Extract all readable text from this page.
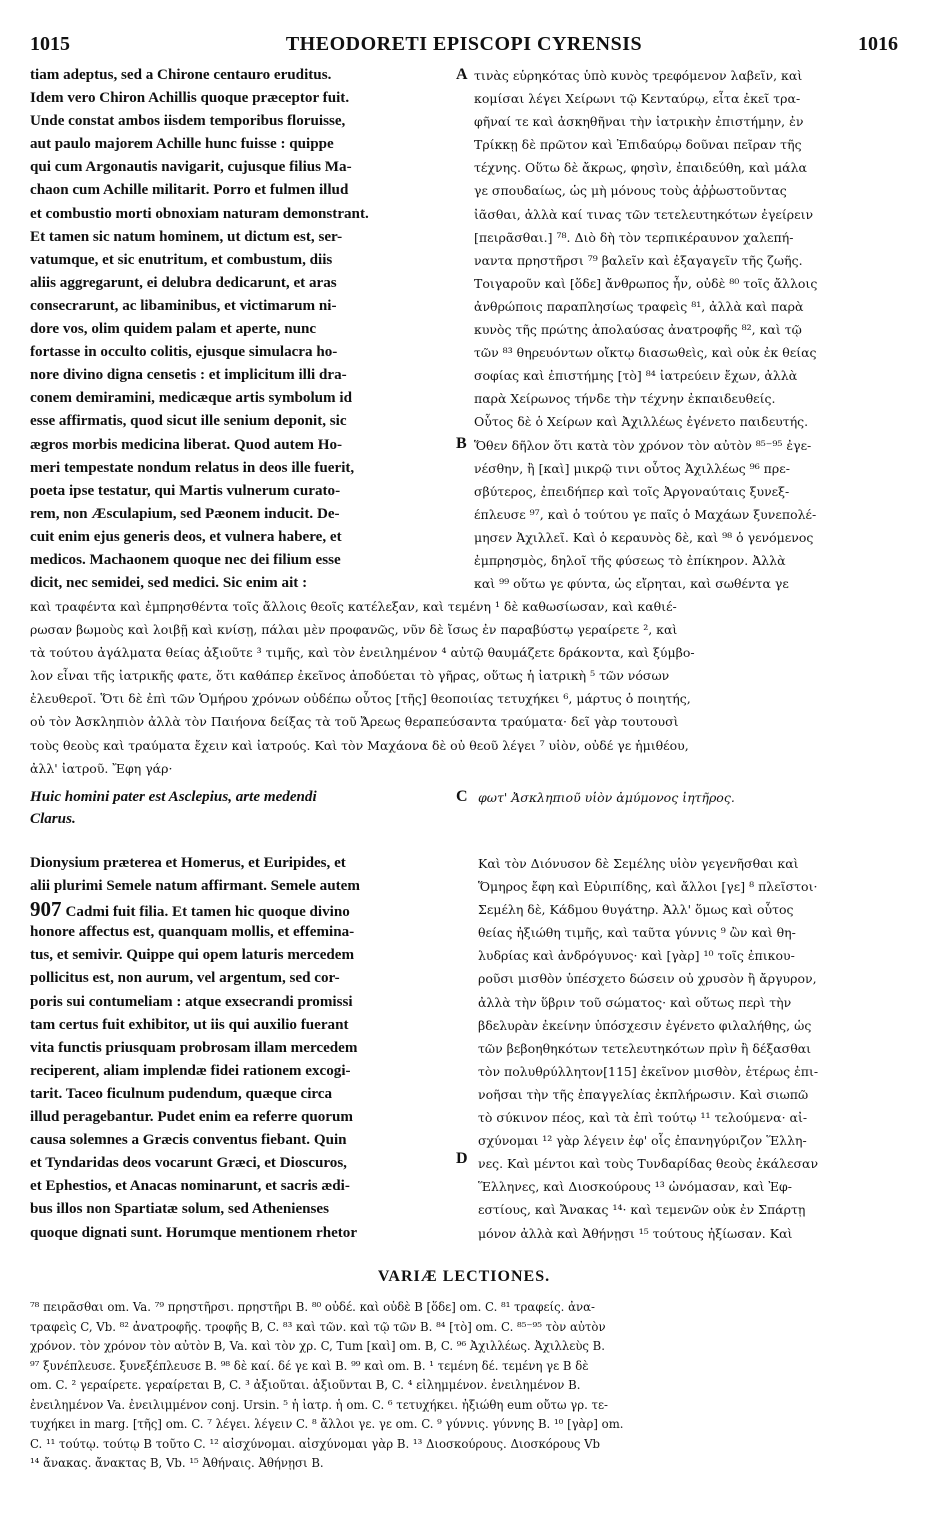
1015	THEODORETI EPISCOPI CYRENSIS	1016
tiam adeptus, sed a Chirone centauro eruditus.
Idem vero Chiron Achillis quoque præceptor fuit.
Unde constat ambos iisdem temporibus floruisse,
aut paulo majorem Achille hunc fuisse : quippe
qui cum Argonautis navigarit, cujusque filius Ma-
chaon cum Achille militarit. Porro et fulmen illud
et combustio morti obnoxiam naturam demonstrant.
Et tamen sic natum hominem, ut dictum est, ser-
vatumque, et sic enutritum, et combustum, diis
aliis aggregarunt, ei delubra dedicarunt, et aras
consecrarunt, ac libaminibus, et victimarum ni-
dore vos, olim quidem palam et aperte, nunc
fortasse in occulto colitis, ejusque simulacra ho-
nore divino digna censetis : et implicitum illi dra-
conem demiramini, medicæque artis symbolum id
esse affirmatis, quod sicut ille senium deponit, sic
ægros morbis medicina liberat. Quod autem Ho-
meri tempestate nondum relatus in deos ille fuerit,
poeta ipse testatur, qui Martis vulnerum curato-
rem, non Æsculapium, sed Pæonem inducit. De-
cuit enim ejus generis deos, et vulnera habere, et
medicos. Machaonem quoque nec dei filium esse
dicit, nec semidei, sed medici. Sic enim ait :
A
B
τινὰς εὑρηκότας ὑπὸ κυνὸς τρεφόμενον λαβεῖν, καὶ
κομίσαι λέγει Χείρωνι τῷ Κενταύρῳ, εἶτα ἐκεῖ τρα-
φῆναί τε καὶ ἀσκηθῆναι τὴν ἰατρικὴν ἐπιστήμην, ἐν
Τρίκκῃ δὲ πρῶτον καὶ Ἐπιδαύρῳ δοῦναι πεῖραν τῆς
τέχνης. Οὕτω δὲ ἄκρως, φησὶν, ἐπαιδεύθη, καὶ μάλα
γε σπουδαίως, ὡς μὴ μόνους τοὺς ἀῤῥωστοῦντας
ἰᾶσθαι, ἀλλὰ καί τινας τῶν τετελευτηκότων ἐγείρειν
[πειρᾶσθαι.] ⁷⁸. Διὸ δὴ τὸν τερπικέραυνον χαλεπή-
ναντα πρηστῆρσι ⁷⁹ βαλεῖν καὶ ἐξαγαγεῖν τῆς ζωῆς.
Τοιγαροῦν καὶ [ὅδε] ἄνθρωπος ἦν, οὐδὲ ⁸⁰ τοῖς ἄλλοις
ἀνθρώποις παραπλησίως τραφεὶς ⁸¹, ἀλλὰ καὶ παρὰ
κυνὸς τῆς πρώτης ἀπολαύσας ἀνατροφῆς ⁸², καὶ τῷ
τῶν ⁸³ θηρευόντων οἴκτῳ διασωθεὶς, καὶ οὐκ ἐκ θείας
σοφίας καὶ ἐπιστήμης [τὸ] ⁸⁴ ἰατρεύειν ἔχων, ἀλλὰ
παρὰ Χείρωνος τήνδε τὴν τέχνην ἐκπαιδευθείς.
Οὗτος δὲ ὁ Χείρων καὶ Ἀχιλλέως ἐγένετο παιδευτής.
Ὅθεν δῆλον ὅτι κατὰ τὸν χρόνον τὸν αὐτὸν ⁸⁵⁻⁹⁵ ἐγε-
νέσθην, ἢ [καὶ] μικρῷ τινι οὗτος Ἀχιλλέως ⁹⁶ πρε-
σβύτερος, ἐπειδήπερ καὶ τοῖς Ἀργοναύταις ξυνεξ-
έπλευσε ⁹⁷, καὶ ὁ τούτου γε παῖς ὁ Μαχάων ξυνεπολέ-
μησεν Ἀχιλλεῖ. Καὶ ὁ κεραυνὸς δὲ, καὶ ⁹⁸ ὁ γενόμενος
ἐμπρησμὸς, δηλοῖ τῆς φύσεως τὸ ἐπίκηρον. Ἀλλὰ
καὶ ⁹⁹ οὕτω γε φύντα, ὡς εἴρηται, καὶ σωθέντα γε
καὶ τραφέντα καὶ ἐμπρησθέντα τοῖς ἄλλοις θεοῖς κατέλεξαν, καὶ τεμένη ¹ δὲ καθωσίωσαν, καὶ καθιέ-
ρωσαν βωμοὺς καὶ λοιβῇ καὶ κνίσῃ, πάλαι μὲν προφανῶς, νῦν δὲ ἴσως ἐν παραβύστῳ γεραίρετε ², καὶ
τὰ τούτου ἀγάλματα θείας ἀξιοῦτε ³ τιμῆς, καὶ τὸν ἐνειλημένον ⁴ αὐτῷ θαυμάζετε δράκοντα, καὶ ξύμβο-
λον εἶναι τῆς ἰατρικῆς φατε, ὅτι καθάπερ ἐκεῖνος ἀποδύεται τὸ γῆρας, οὕτως ἡ ἰατρικὴ ⁵ τῶν νόσων
ἐλευθεροῖ. Ὅτι δὲ ἐπὶ τῶν Ὁμήρου χρόνων οὐδέπω οὗτος [τῆς] θεοποιίας τετυχήκει ⁶, μάρτυς ὁ ποιητής,
οὐ τὸν Ἀσκληπιὸν ἀλλὰ τὸν Παιήονα δείξας τὰ τοῦ Ἄρεως θεραπεύσαντα τραύματα· δεῖ γὰρ τουτουσὶ
τοὺς θεοὺς καὶ τραύματα ἔχειν καὶ ἰατρούς. Καὶ τὸν Μαχάονα δὲ οὐ θεοῦ λέγει ⁷ υἱὸν, οὐδέ γε ἡμιθέου,
ἀλλ' ἰατροῦ. Ἔφη γάρ·
Huic homini pater est Asclepius, arte medendi
Clarus.
C φωτ' Ἀσκληπιοῦ υἱὸν ἀμύμονος ἰητῆρος.
Dionysium præterea et Homerus, et Euripides, et
alii plurimi Semele natum affirmant. Semele autem
907 Cadmi fuit filia. Et tamen hic quoque divino
honore affectus est, quanquam mollis, et effemina-
tus, et semivir. Quippe qui opem laturis mercedem
pollicitus est, non aurum, vel argentum, sed cor-
poris sui contumeliam : atque exsecrandi promissi
tam certus fuit exhibitor, ut iis qui auxilio fuerant
vita functis priusquam probrosam illam mercedem
reciperent, aliam implendæ fidei rationem excogi-
tarit. Taceo ficulnum pudendum, quæque circa
illud peragebantur. Pudet enim ea referre quorum
causa solemnes a Græcis conventus fiebant. Quin
et Tyndaridas deos vocarunt Græci, et Dioscuros,
et Ephestios, et Anacas nominarunt, et sacris ædi-
bus illos non Spartiatæ solum, sed Athenienses
quoque dignati sunt. Horumque mentionem rhetor
D
Καὶ τὸν Διόνυσον δὲ Σεμέλης υἱὸν γεγενῆσθαι καὶ
Ὅμηρος ἔφη καὶ Εὐριπίδης, καὶ ἄλλοι [γε] ⁸ πλεῖστοι·
Σεμέλη δὲ, Κάδμου θυγάτηρ. Ἀλλ' ὅμως καὶ οὗτος
θείας ἠξιώθη τιμῆς, καὶ ταῦτα γύννις ⁹ ὢν καὶ θη-
λυδρίας καὶ ἀνδρόγυνος· καὶ [γὰρ] ¹⁰ τοῖς ἐπικου-
ροῦσι μισθὸν ὑπέσχετο δώσειν οὐ χρυσὸν ἢ ἄργυρον,
ἀλλὰ τὴν ὕβριν τοῦ σώματος· καὶ οὕτως περὶ τὴν
βδελυρὰν ἐκείνην ὑπόσχεσιν ἐγένετο φιλαλήθης, ὡς
τῶν βεβοηθηκότων τετελευτηκότων πρὶν ἢ δέξασθαι
τὸν πολυθρύλλητον[115] ἐκεῖνον μισθὸν, ἑτέρως ἐπι-
νοῆσαι τὴν τῆς ἐπαγγελίας ἐκπλήρωσιν. Καὶ σιωπῶ
τὸ σύκινον πέος, καὶ τὰ ἐπὶ τούτῳ ¹¹ τελούμενα· αἰ-
σχύνομαι ¹² γὰρ λέγειν ἐφ' οἷς ἐπανηγύριζον Ἕλλη-
νες. Καὶ μέντοι καὶ τοὺς Τυνδαρίδας θεοὺς ἐκάλεσαν
Ἕλληνες, καὶ Διοσκούρους ¹³ ὠνόμασαν, καὶ Ἐφ-
εστίους, καὶ Ἄνακας ¹⁴· καὶ τεμενῶν οὐκ ἐν Σπάρτῃ
μόνον ἀλλὰ καὶ Ἀθήνῃσι ¹⁵ τούτους ἠξίωσαν. Καὶ
VARIÆ LECTIONES.
⁷⁸ πειρᾶσθαι om. Va. ⁷⁹ πρηστῆρσι. πρηστῆρι B. ⁸⁰ οὐδέ. καὶ οὐδὲ B [ὅδε] om. C. ⁸¹ τραφείς. ἀνα-
τραφεὶς C, Vb. ⁸² ἀνατροφῆς. τροφῆς B, C. ⁸³ καὶ τῶν. καὶ τῷ τῶν B. ⁸⁴ [τὸ] om. C. ⁸⁵⁻⁹⁵ τὸν αὐτὸν
χρόνον. τὸν χρόνον τὸν αὐτὸν B, Va. καὶ τὸν χρ. C, Tum [καὶ] om. B, C. ⁹⁶ Ἀχιλλέως. Ἀχιλλεὺς B.
⁹⁷ ξυνέπλευσε. ξυνεξέπλευσε B. ⁹⁸ δὲ καί. δέ γε καὶ B. ⁹⁹ καὶ om. B. ¹ τεμένη δέ. τεμένη γε B δὲ
om. C. ² γεραίρετε. γεραίρεται B, C. ³ ἀξιοῦται. ἀξιοῦνται B, C. ⁴ εἰλημμένον. ἐνειλημένον B.
ἐνειλημένον Va. ἐνειλιμμένον conj. Ursin. ⁵ ἡ ἰατρ. ἡ om. C. ⁶ τετυχήκει. ἠξιώθη eum οὔτω γρ. τε-
τυχήκει in marg. [τῆς] om. C. ⁷ λέγει. λέγειν C. ⁸ ἄλλοι γε. γε om. C. ⁹ γύννις. γύννης B. ¹⁰ [γὰρ] om.
C. ¹¹ τούτῳ. τούτῳ B τοῦτο C. ¹² αἰσχύνομαι. αἰσχύνομαι γὰρ B. ¹³ Διοσκούρους. Διοσκόρους Vb
¹⁴ ἄνακας. ἄνακτας B, Vb. ¹⁵ Ἀθήναις. Ἀθήνῃσι B.
